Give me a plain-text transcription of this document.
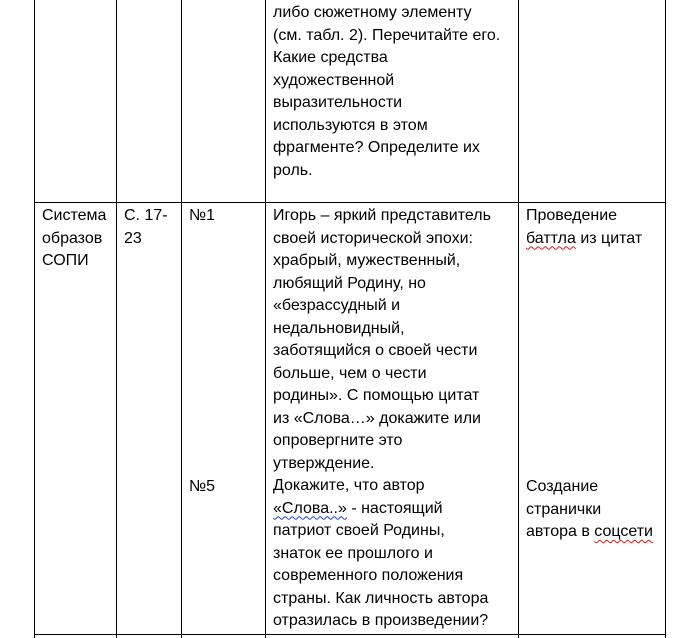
либо сюжетному элементу

(см. табл. 2). Перечитайте его.

Какие средства

художественной

выразительности

используются в этом

фрагменте? Определите их

роль.

Система

образов

СОПИ

С. 17-

23

№1

№5

Игорь – яркий представитель

своей исторической эпохи:

храбрый, мужественный,

любящий Родину, но

«безрассудный и

недальновидный,

заботящийся о своей чести

больше, чем о чести

родины». С помощью цитат

из «Слова…» докажите или

опровергните это

утверждение.

Докажите, что автор

«Слова..» - настоящий

патриот своей Родины,

знаток ее прошлого и

современного положения

страны. Как личность автора

отразилась в произведении?

Проведение

баттла из цитат

Создание

странички

автора в соцсети
